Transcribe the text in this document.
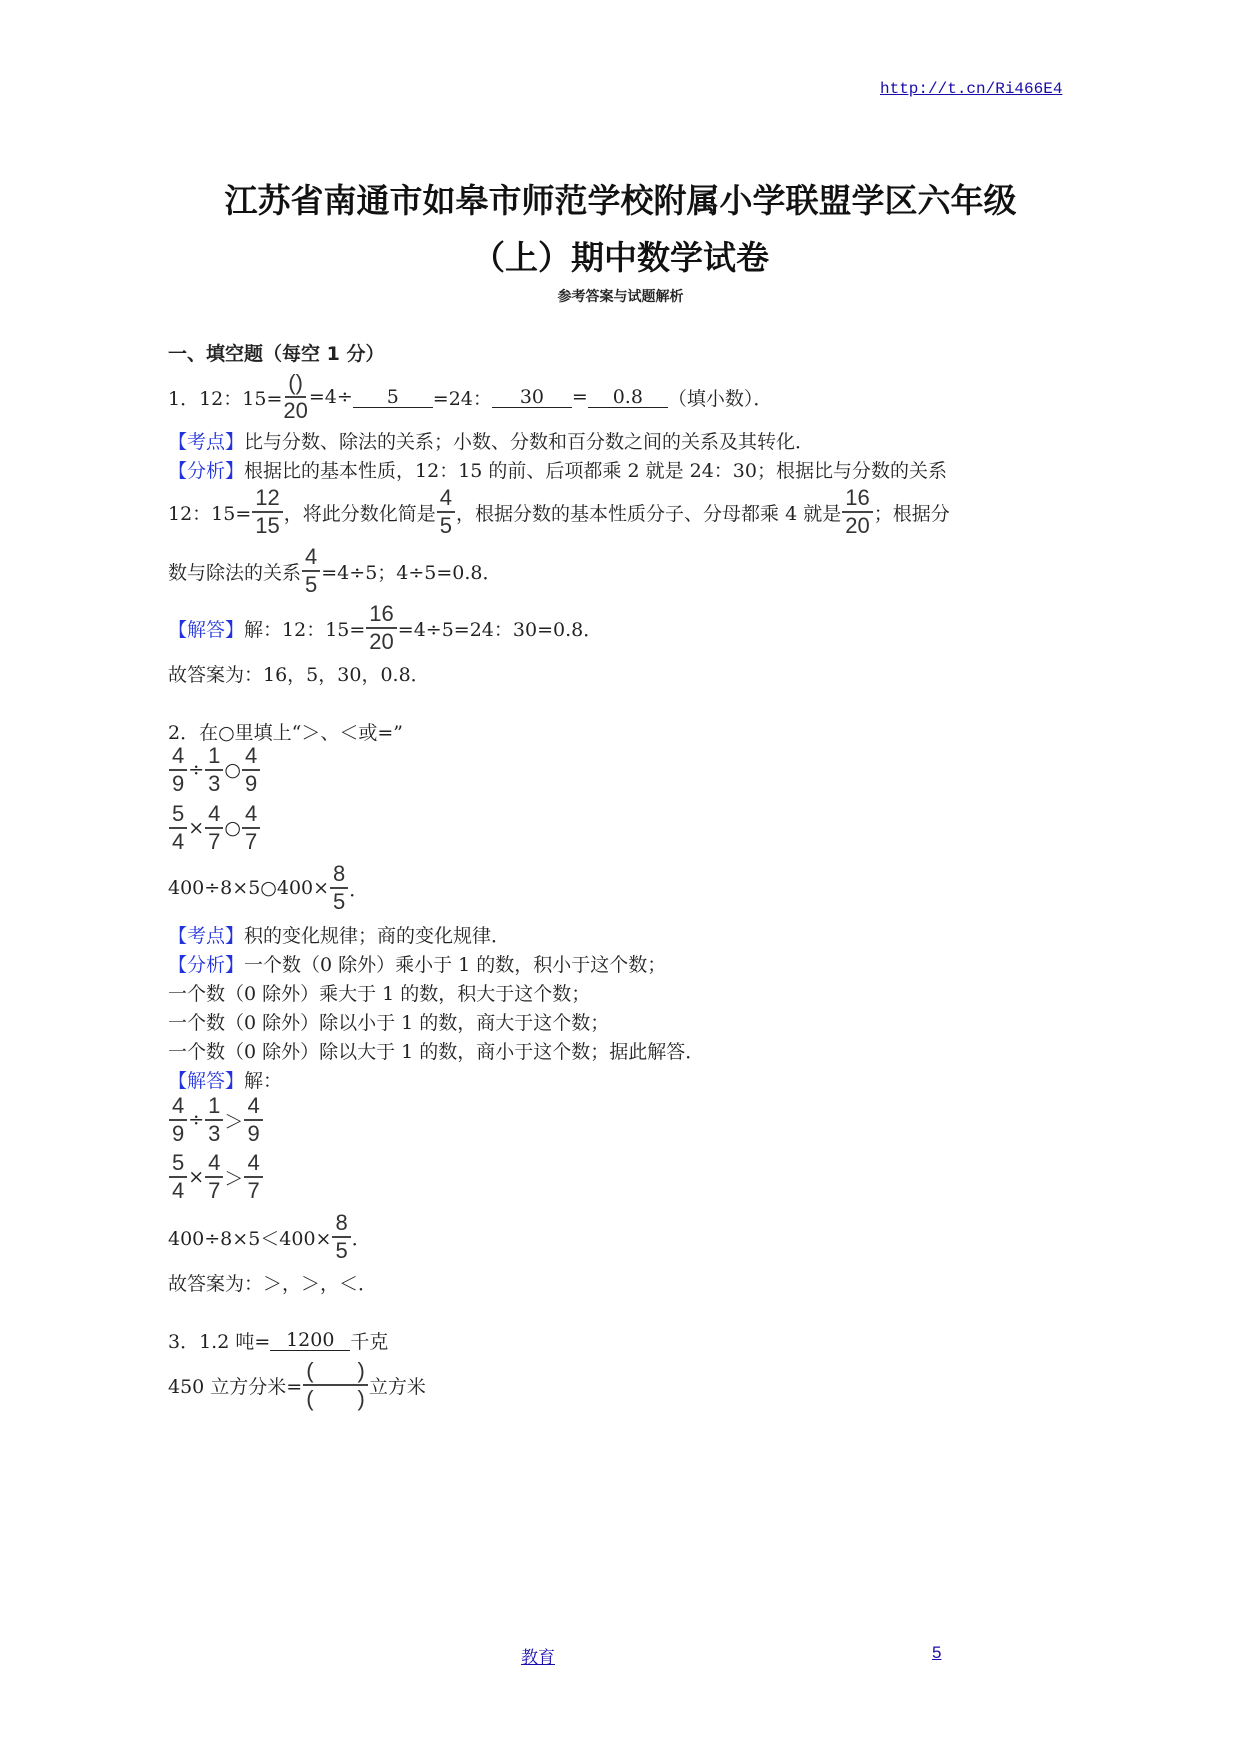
http://t.cn/Ri466E4
江苏省南通市如皋市师范学校附属小学联盟学区六年级
（上）期中数学试卷
参考答案与试题解析
一、填空题（每空 1 分）
1．12：$15= \frac{()}{20} =4\div$	5	=24：	30	=	0.8	（填小数）．
【考点】 比与分数、除法的关系；小数、分数和百分数之间的关系及其转化．
【分析】 根据比的基本性质，12：15 的前、后项都乘 2 就是 24：30；根据比与分数的关系
12：$15= \frac{12}{15}$ ，将此分数化简是 $\frac{4}{5}$ ，根据分数的基本性质分子、分母都乘 4 就是 $\frac{16}{20}$ ；根据分
数与除法的关系 $\frac{4}{5} =4\div 5$；4÷5=0.8．
【解答】 解：12：$15= \frac{16}{20} =4\div 5=24$：30=0.8．
故答案为：16，5，30，0.8．
2．在○里填上“＞、＜或=”
$\frac{4}{9} \div \frac{1}{3}$ ○ $\frac{4}{9}$
$\frac{5}{4} \times \frac{4}{7}$ ○ $\frac{4}{7}$
400÷8×5○400× $\frac{8}{5}$ ．
【考点】 积的变化规律；商的变化规律．
【分析】 一个数（0 除外）乘小于 1 的数，积小于这个数；
一个数（0 除外）乘大于 1 的数，积大于这个数；
一个数（0 除外）除以小于 1 的数，商大于这个数；
一个数（0 除外）除以大于 1 的数，商小于这个数；据此解答．
【解答】 解：
$\frac{4}{9} \div \frac{1}{3} > \frac{4}{9}$
$\frac{5}{4} \times \frac{4}{7} > \frac{4}{7}$
$400\div 8\times 5<400\times \frac{8}{5}$ ．
故答案为：＞，＞，＜．
3．1.2 吨= 1200 千克
450 立方分米= $\frac{( )}{( )}$ 立方米
教育	5
